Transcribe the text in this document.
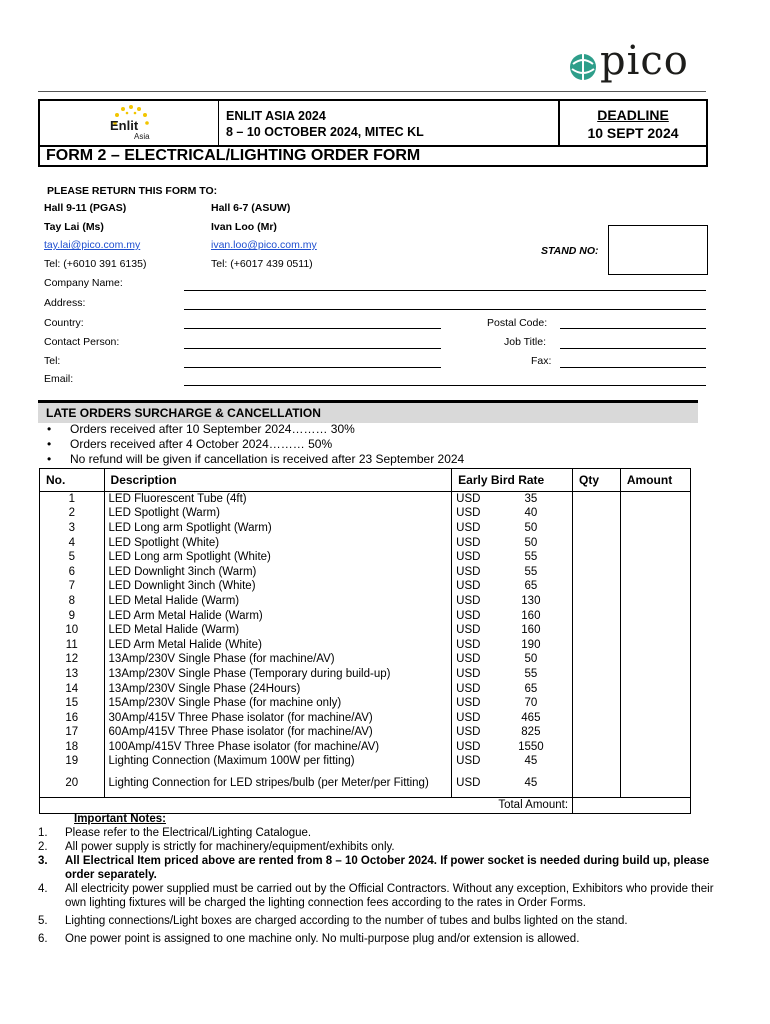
pico
Enlit
Asia
ENLIT ASIA 2024
8 – 10 OCTOBER 2024, MITEC KL
DEADLINE
10 SEPT 2024
FORM 2 – ELECTRICAL/LIGHTING ORDER FORM
PLEASE RETURN THIS FORM TO:
Hall 9-11 (PGAS)
Tay Lai (Ms)
tay.lai@pico.com.my
Tel: (+6010 391 6135)
Hall 6-7 (ASUW)
Ivan Loo (Mr)
ivan.loo@pico.com.my
Tel: (+6017 439 0511)
STAND NO:
Company Name:
Address:
Country:	Postal Code:
Contact Person:	Job Title:
Tel:	Fax:
Email:
LATE ORDERS SURCHARGE & CANCELLATION
• Orders received after 10 September 2024……… 30%
• Orders received after 4 October 2024……… 50%
• No refund will be given if cancellation is received after 23 September 2024
No.	Description	Early Bird Rate		Qty	Amount
1	LED Fluorescent Tube (4ft)	USD	35		
2	LED Spotlight (Warm)	USD	40		
3	LED Long arm Spotlight (Warm)	USD	50		
4	LED Spotlight (White)	USD	50		
5	LED Long arm Spotlight (White)	USD	55		
6	LED Downlight 3inch (Warm)	USD	55		
7	LED Downlight 3inch (White)	USD	65		
8	LED Metal Halide (Warm)	USD	130		
9	LED Arm Metal Halide (Warm)	USD	160		
10	LED Metal Halide (Warm)	USD	160		
11	LED Arm Metal Halide (White)	USD	190		
12	13Amp/230V Single Phase (for machine/AV)	USD	50		
13	13Amp/230V Single Phase (Temporary during build-up)	USD	55		
14	13Amp/230V Single Phase (24Hours)	USD	65		
15	15Amp/230V Single Phase (for machine only)	USD	70		
16	30Amp/415V Three Phase isolator (for machine/AV)	USD	465		
17	60Amp/415V Three Phase isolator (for machine/AV)	USD	825		
18	100Amp/415V Three Phase isolator (for machine/AV)	USD	1550		
19	Lighting Connection (Maximum 100W per fitting)	USD	45		
20	Lighting Connection for LED stripes/bulb (per Meter/per Fitting)	USD	45		

Total Amount:					

Important Notes:
1. Please refer to the Electrical/Lighting Catalogue.
2. All power supply is strictly for machinery/equipment/exhibits only.
3. All Electrical Item priced above are rented from 8 – 10 October 2024. If power socket is needed during build up, please order separately.
4. All electricity power supplied must be carried out by the Official Contractors. Without any exception, Exhibitors who provide their own lighting fixtures will be charged the lighting connection fees according to the rates in Order Forms.
5. Lighting connections/Light boxes are charged according to the number of tubes and bulbs lighted on the stand.
6. One power point is assigned to one machine only. No multi-purpose plug and/or extension is allowed.
